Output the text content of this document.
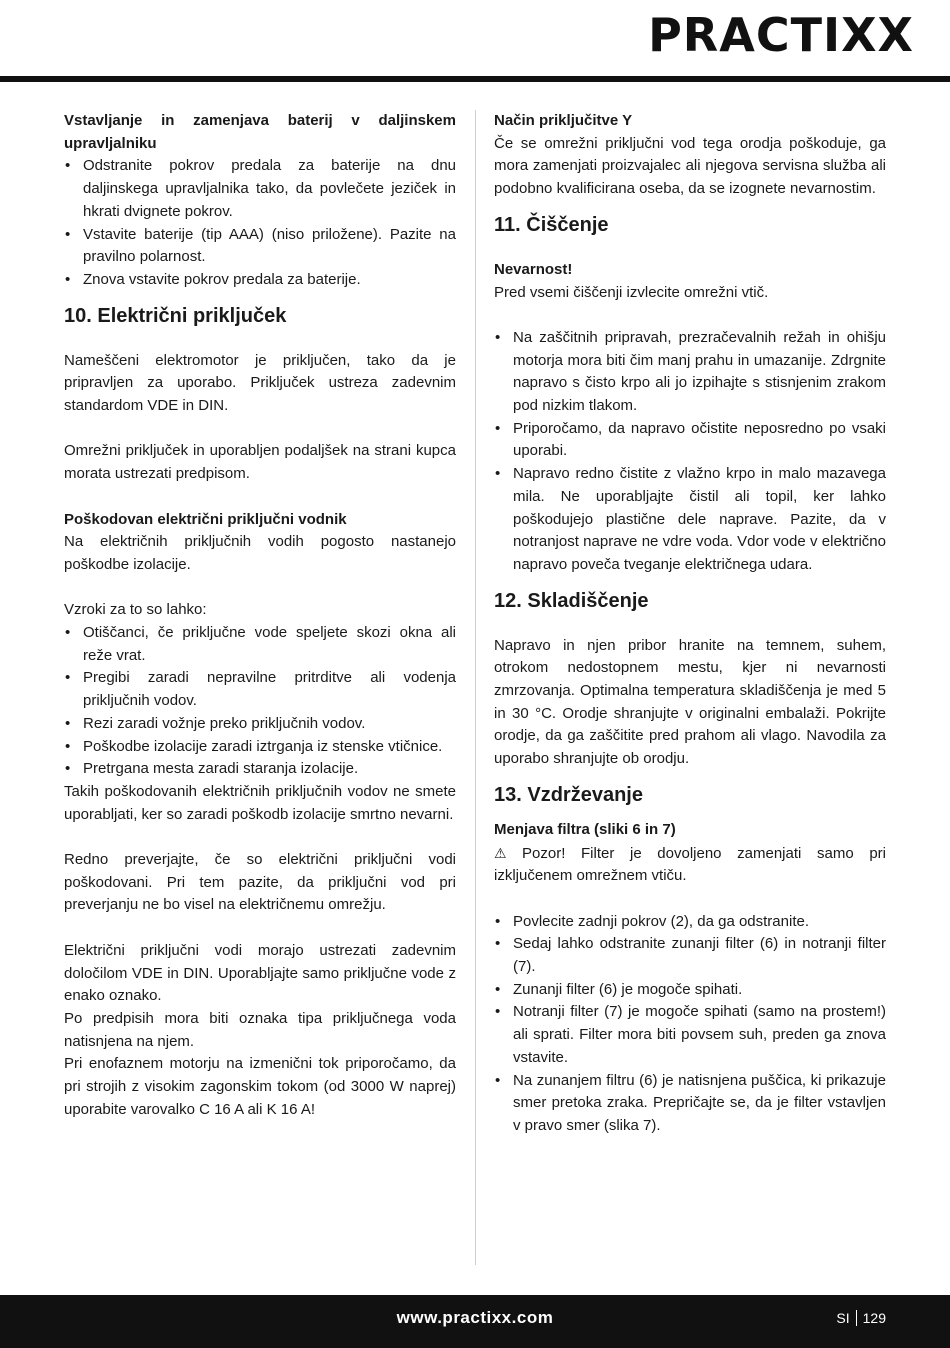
PRACTIXX

Vstavljanje in zamenjava baterij v daljinskem upravljalniku

• Odstranite pokrov predala za baterije na dnu daljinskega upravljalnika tako, da povlečete jeziček in hkrati dvignete pokrov.
• Vstavite baterije (tip AAA) (niso priložene). Pazite na pravilno polarnost.
• Znova vstavite pokrov predala za baterije.
10. Električni priključek

Nameščeni elektromotor je priključen, tako da je pripravljen za uporabo. Priključek ustreza zadevnim standardom VDE in DIN.

Omrežni priključek in uporabljen podaljšek na strani kupca morata ustrezati predpisom.

Poškodovan električni priključni vodnik

Na električnih priključnih vodih pogosto nastanejo poškodbe izolacije.

Vzroki za to so lahko:

• Otiščanci, če priključne vode speljete skozi okna ali reže vrat.
• Pregibi zaradi nepravilne pritrditve ali vodenja priključnih vodov.
• Rezi zaradi vožnje preko priključnih vodov.
• Poškodbe izolacije zaradi iztrganja iz stenske vtičnice.
• Pretrgana mesta zaradi staranja izolacije.

Takih poškodovanih električnih priključnih vodov ne smete uporabljati, ker so zaradi poškodb izolacije smrtno nevarni.

Redno preverjajte, če so električni priključni vodi poškodovani. Pri tem pazite, da priključni vod pri preverjanju ne bo visel na električnemu omrežju.

Električni priključni vodi morajo ustrezati zadevnim določilom VDE in DIN. Uporabljajte samo priključne vode z enako oznako.

Po predpisih mora biti oznaka tipa priključnega voda natisnjena na njem.

Pri enofaznem motorju na izmenični tok priporočamo, da pri strojih z visokim zagonskim tokom (od 3000 W naprej) uporabite varovalko C 16 A ali K 16 A!

Način priključitve Y

Če se omrežni priključni vod tega orodja poškoduje, ga mora zamenjati proizvajalec ali njegova servisna služba ali podobno kvalificirana oseba, da se izognete nevarnostim.

11. Čiščenje

Nevarnost!

Pred vsemi čiščenji izvlecite omrežni vtič.

• Na zaščitnih pripravah, prezračevalnih režah in ohišju motorja mora biti čim manj prahu in umazanije. Zdrgnite napravo s čisto krpo ali jo izpihajte s stisnjenim zrakom pod nizkim tlakom.
• Priporočamo, da napravo očistite neposredno po vsaki uporabi.
• Napravo redno čistite z vlažno krpo in malo mazavega mila. Ne uporabljajte čistil ali topil, ker lahko poškodujejo plastične dele naprave. Pazite, da v notranjost naprave ne vdre voda. Vdor vode v električno napravo poveča tveganje električnega udara.
12. Skladiščenje

Napravo in njen pribor hranite na temnem, suhem, otrokom nedostopnem mestu, kjer ni nevarnosti zmrzovanja. Optimalna temperatura skladiščenja je med 5 in 30 °C. Orodje shranjujte v originalni embalaži. Pokrijte orodje, da ga zaščitite pred prahom ali vlago. Navodila za uporabo shranjujte ob orodju.

13. Vzdrževanje

Menjava filtra (sliki 6 in 7)

⚠ Pozor! Filter je dovoljeno zamenjati samo pri izključenem omrežnem vtiču.

• Povlecite zadnji pokrov (2), da ga odstranite.
• Sedaj lahko odstranite zunanji filter (6) in notranji filter (7).
• Zunanji filter (6) je mogoče spihati.
• Notranji filter (7) je mogoče spihati (samo na prostem!) ali sprati. Filter mora biti povsem suh, preden ga znova vstavite.
• Na zunanjem filtru (6) je natisnjena puščica, ki prikazuje smer pretoka zraka. Prepričajte se, da je filter vstavljen v pravo smer (slika 7).
www.practixx.com	SI 129
